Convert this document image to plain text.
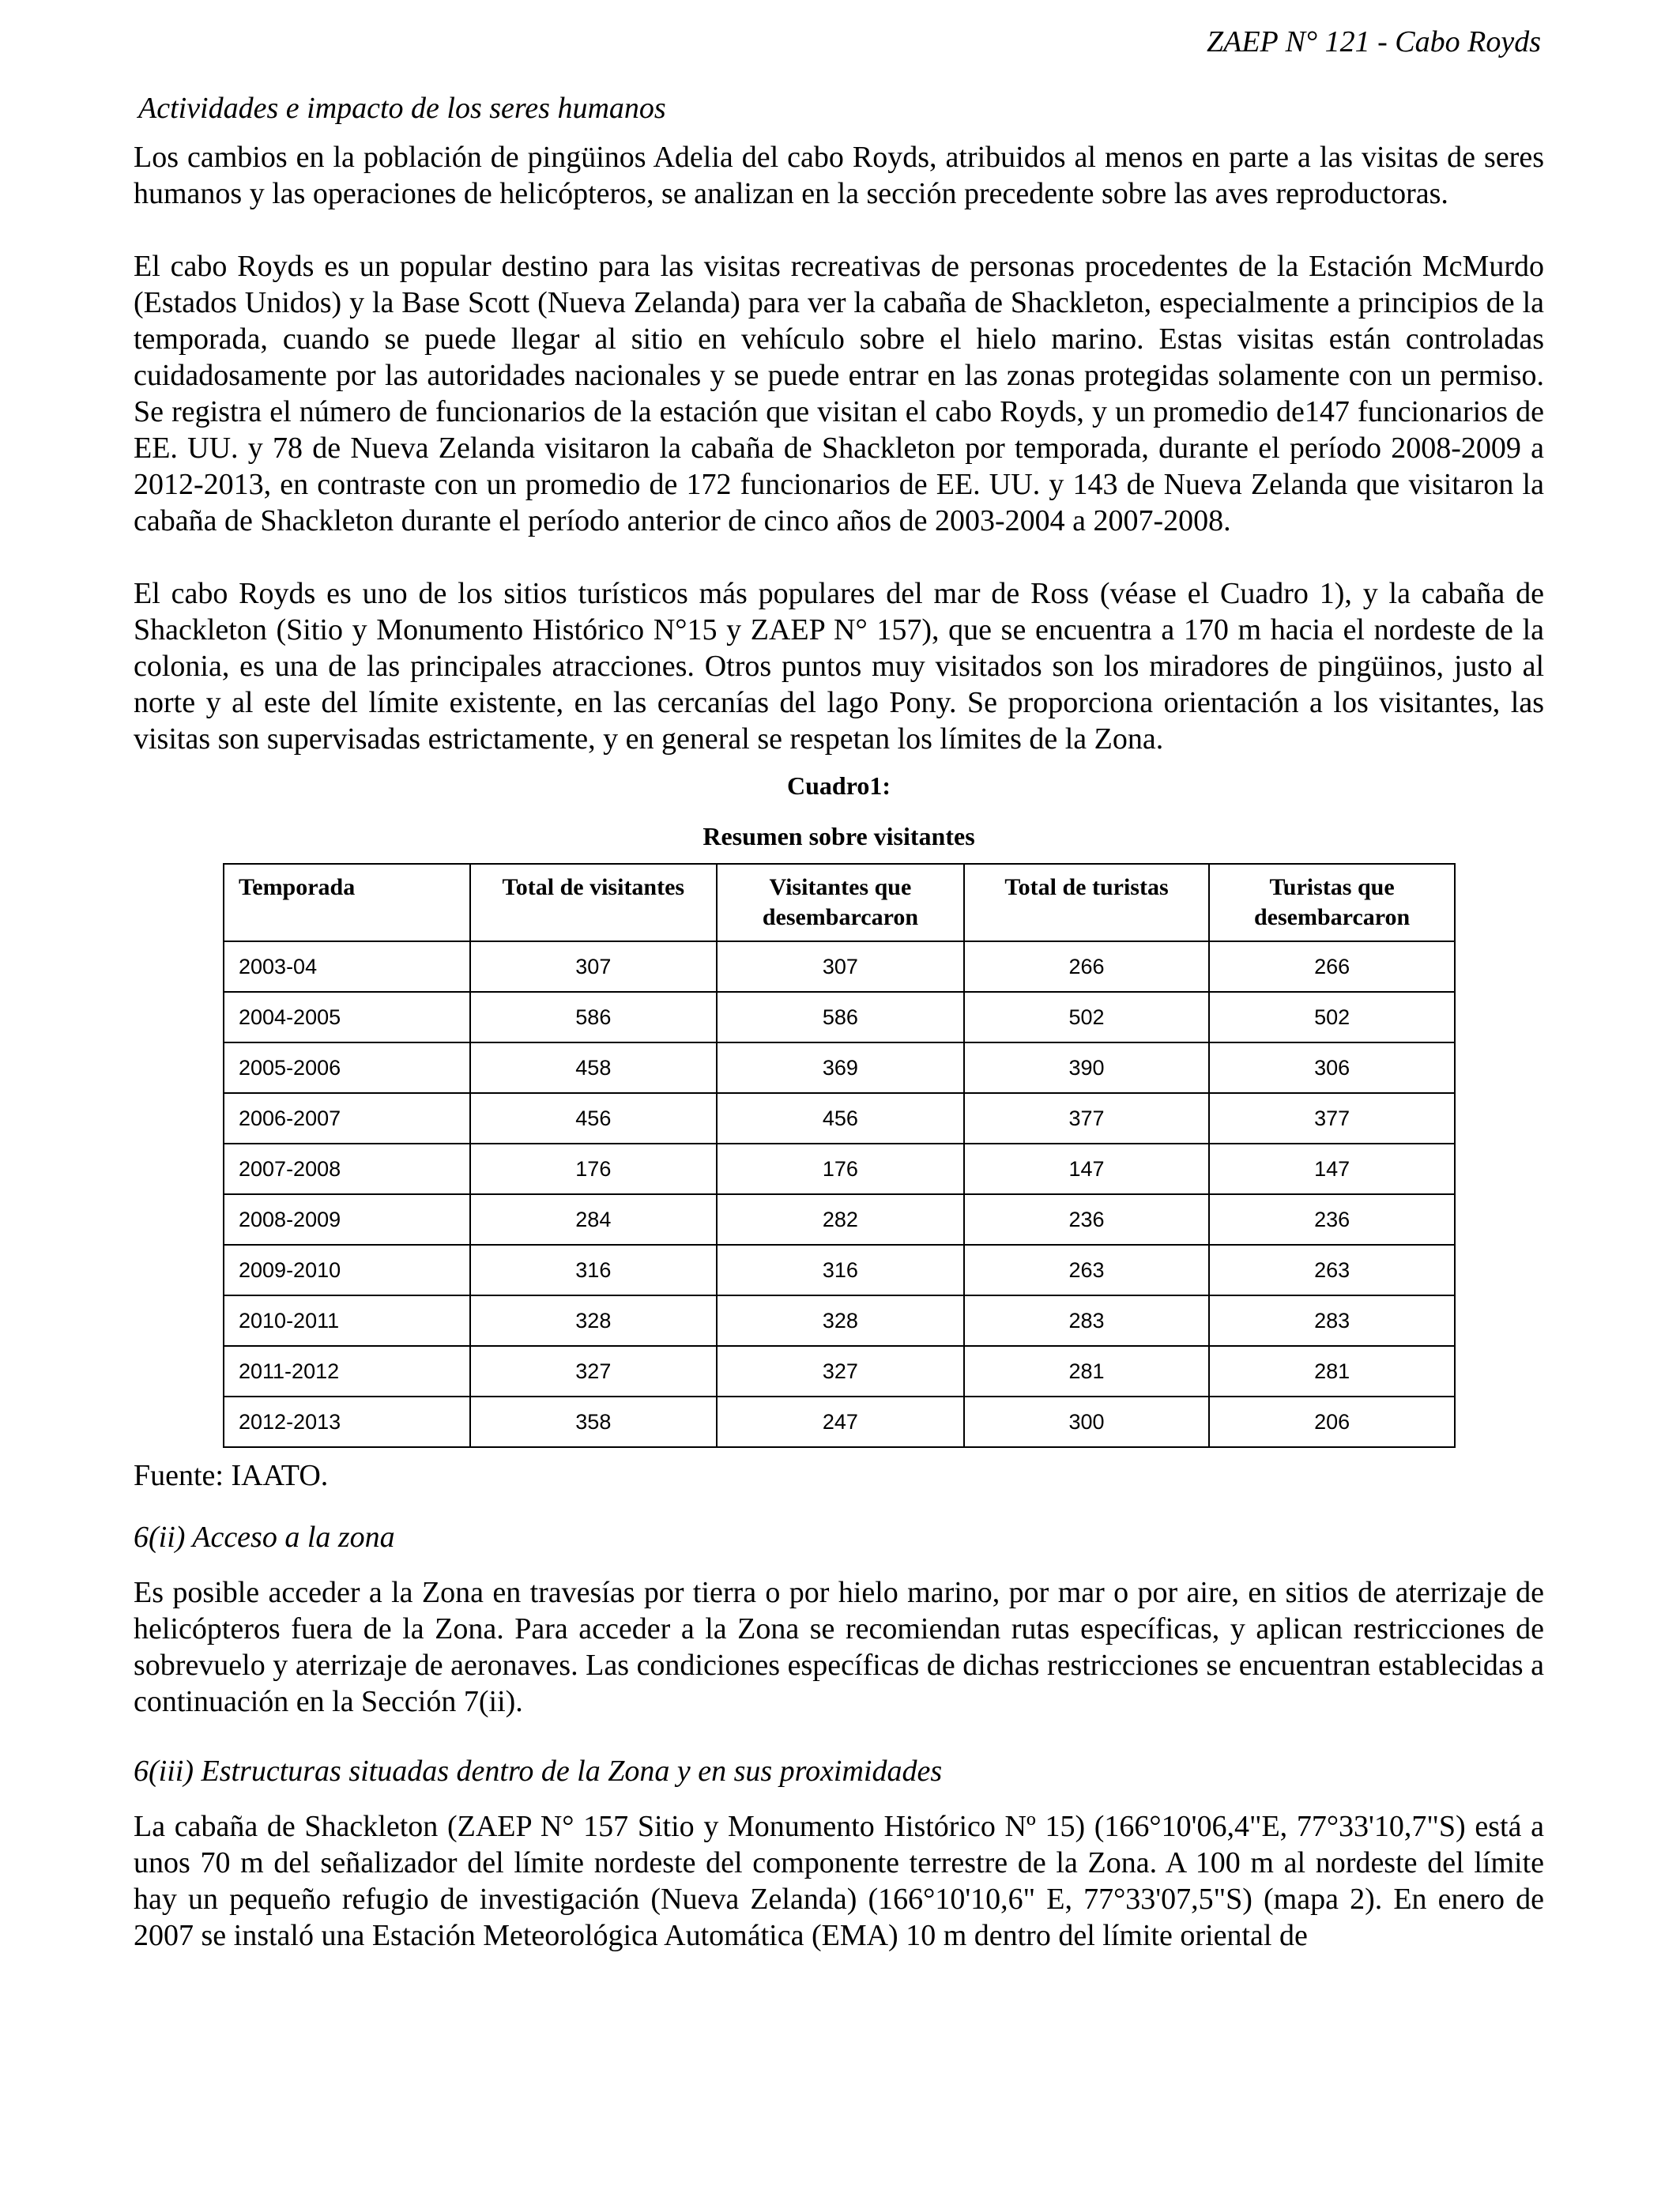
ZAEP N° 121 - Cabo Royds
Actividades e impacto de los seres humanos

Los cambios en la población de pingüinos Adelia del cabo Royds, atribuidos al menos en parte a las visitas de seres humanos y las operaciones de helicópteros, se analizan en la sección precedente sobre las aves reproductoras.

El cabo Royds es un popular destino para las visitas recreativas de personas procedentes de la Estación McMurdo (Estados Unidos) y la Base Scott (Nueva Zelanda) para ver la cabaña de Shackleton, especialmente a principios de la temporada, cuando se puede llegar al sitio en vehículo sobre el hielo marino. Estas visitas están controladas cuidadosamente por las autoridades nacionales y se puede entrar en las zonas protegidas solamente con un permiso. Se registra el número de funcionarios de la estación que visitan el cabo Royds, y un promedio de147 funcionarios de EE. UU. y 78 de Nueva Zelanda visitaron la cabaña de Shackleton por temporada, durante el período 2008-2009 a 2012-2013, en contraste con un promedio de 172 funcionarios de EE. UU. y 143 de Nueva Zelanda que visitaron la cabaña de Shackleton durante el período anterior de cinco años de 2003-2004 a 2007-2008.

El cabo Royds es uno de los sitios turísticos más populares del mar de Ross (véase el Cuadro 1), y la cabaña de Shackleton (Sitio y Monumento Histórico N°15 y ZAEP N° 157), que se encuentra a 170 m hacia el nordeste de la colonia, es una de las principales atracciones. Otros puntos muy visitados son los miradores de pingüinos, justo al norte y al este del límite existente, en las cercanías del lago Pony. Se proporciona orientación a los visitantes, las visitas son supervisadas estrictamente, y en general se respetan los límites de la Zona.

Cuadro1:

Resumen sobre visitantes

Temporada	Total de visitantes	Visitantes que desembarcaron	Total de turistas	Turistas que desembarcaron
2003-04	307	307	266	266
2004-2005	586	586	502	502
2005-2006	458	369	390	306
2006-2007	456	456	377	377
2007-2008	176	176	147	147
2008-2009	284	282	236	236
2009-2010	316	316	263	263
2010-2011	328	328	283	283
2011-2012	327	327	281	281
2012-2013	358	247	300	206
Fuente: IAATO.
6(ii) Acceso a la zona

Es posible acceder a la Zona en travesías por tierra o por hielo marino, por mar o por aire, en sitios de aterrizaje de helicópteros fuera de la Zona. Para acceder a la Zona se recomiendan rutas específicas, y aplican restricciones de sobrevuelo y aterrizaje de aeronaves. Las condiciones específicas de dichas restricciones se encuentran establecidas a continuación en la Sección 7(ii).

6(iii) Estructuras situadas dentro de la Zona y en sus proximidades

La cabaña de Shackleton (ZAEP N° 157 Sitio y Monumento Histórico Nº 15) (166°10'06,4"E, 77°33'10,7"S) está a unos 70 m del señalizador del límite nordeste del componente terrestre de la Zona. A 100 m al nordeste del límite hay un pequeño refugio de investigación (Nueva Zelanda) (166°10'10,6" E, 77°33'07,5"S) (mapa 2). En enero de 2007 se instaló una Estación Meteorológica Automática (EMA) 10 m dentro del límite oriental de
